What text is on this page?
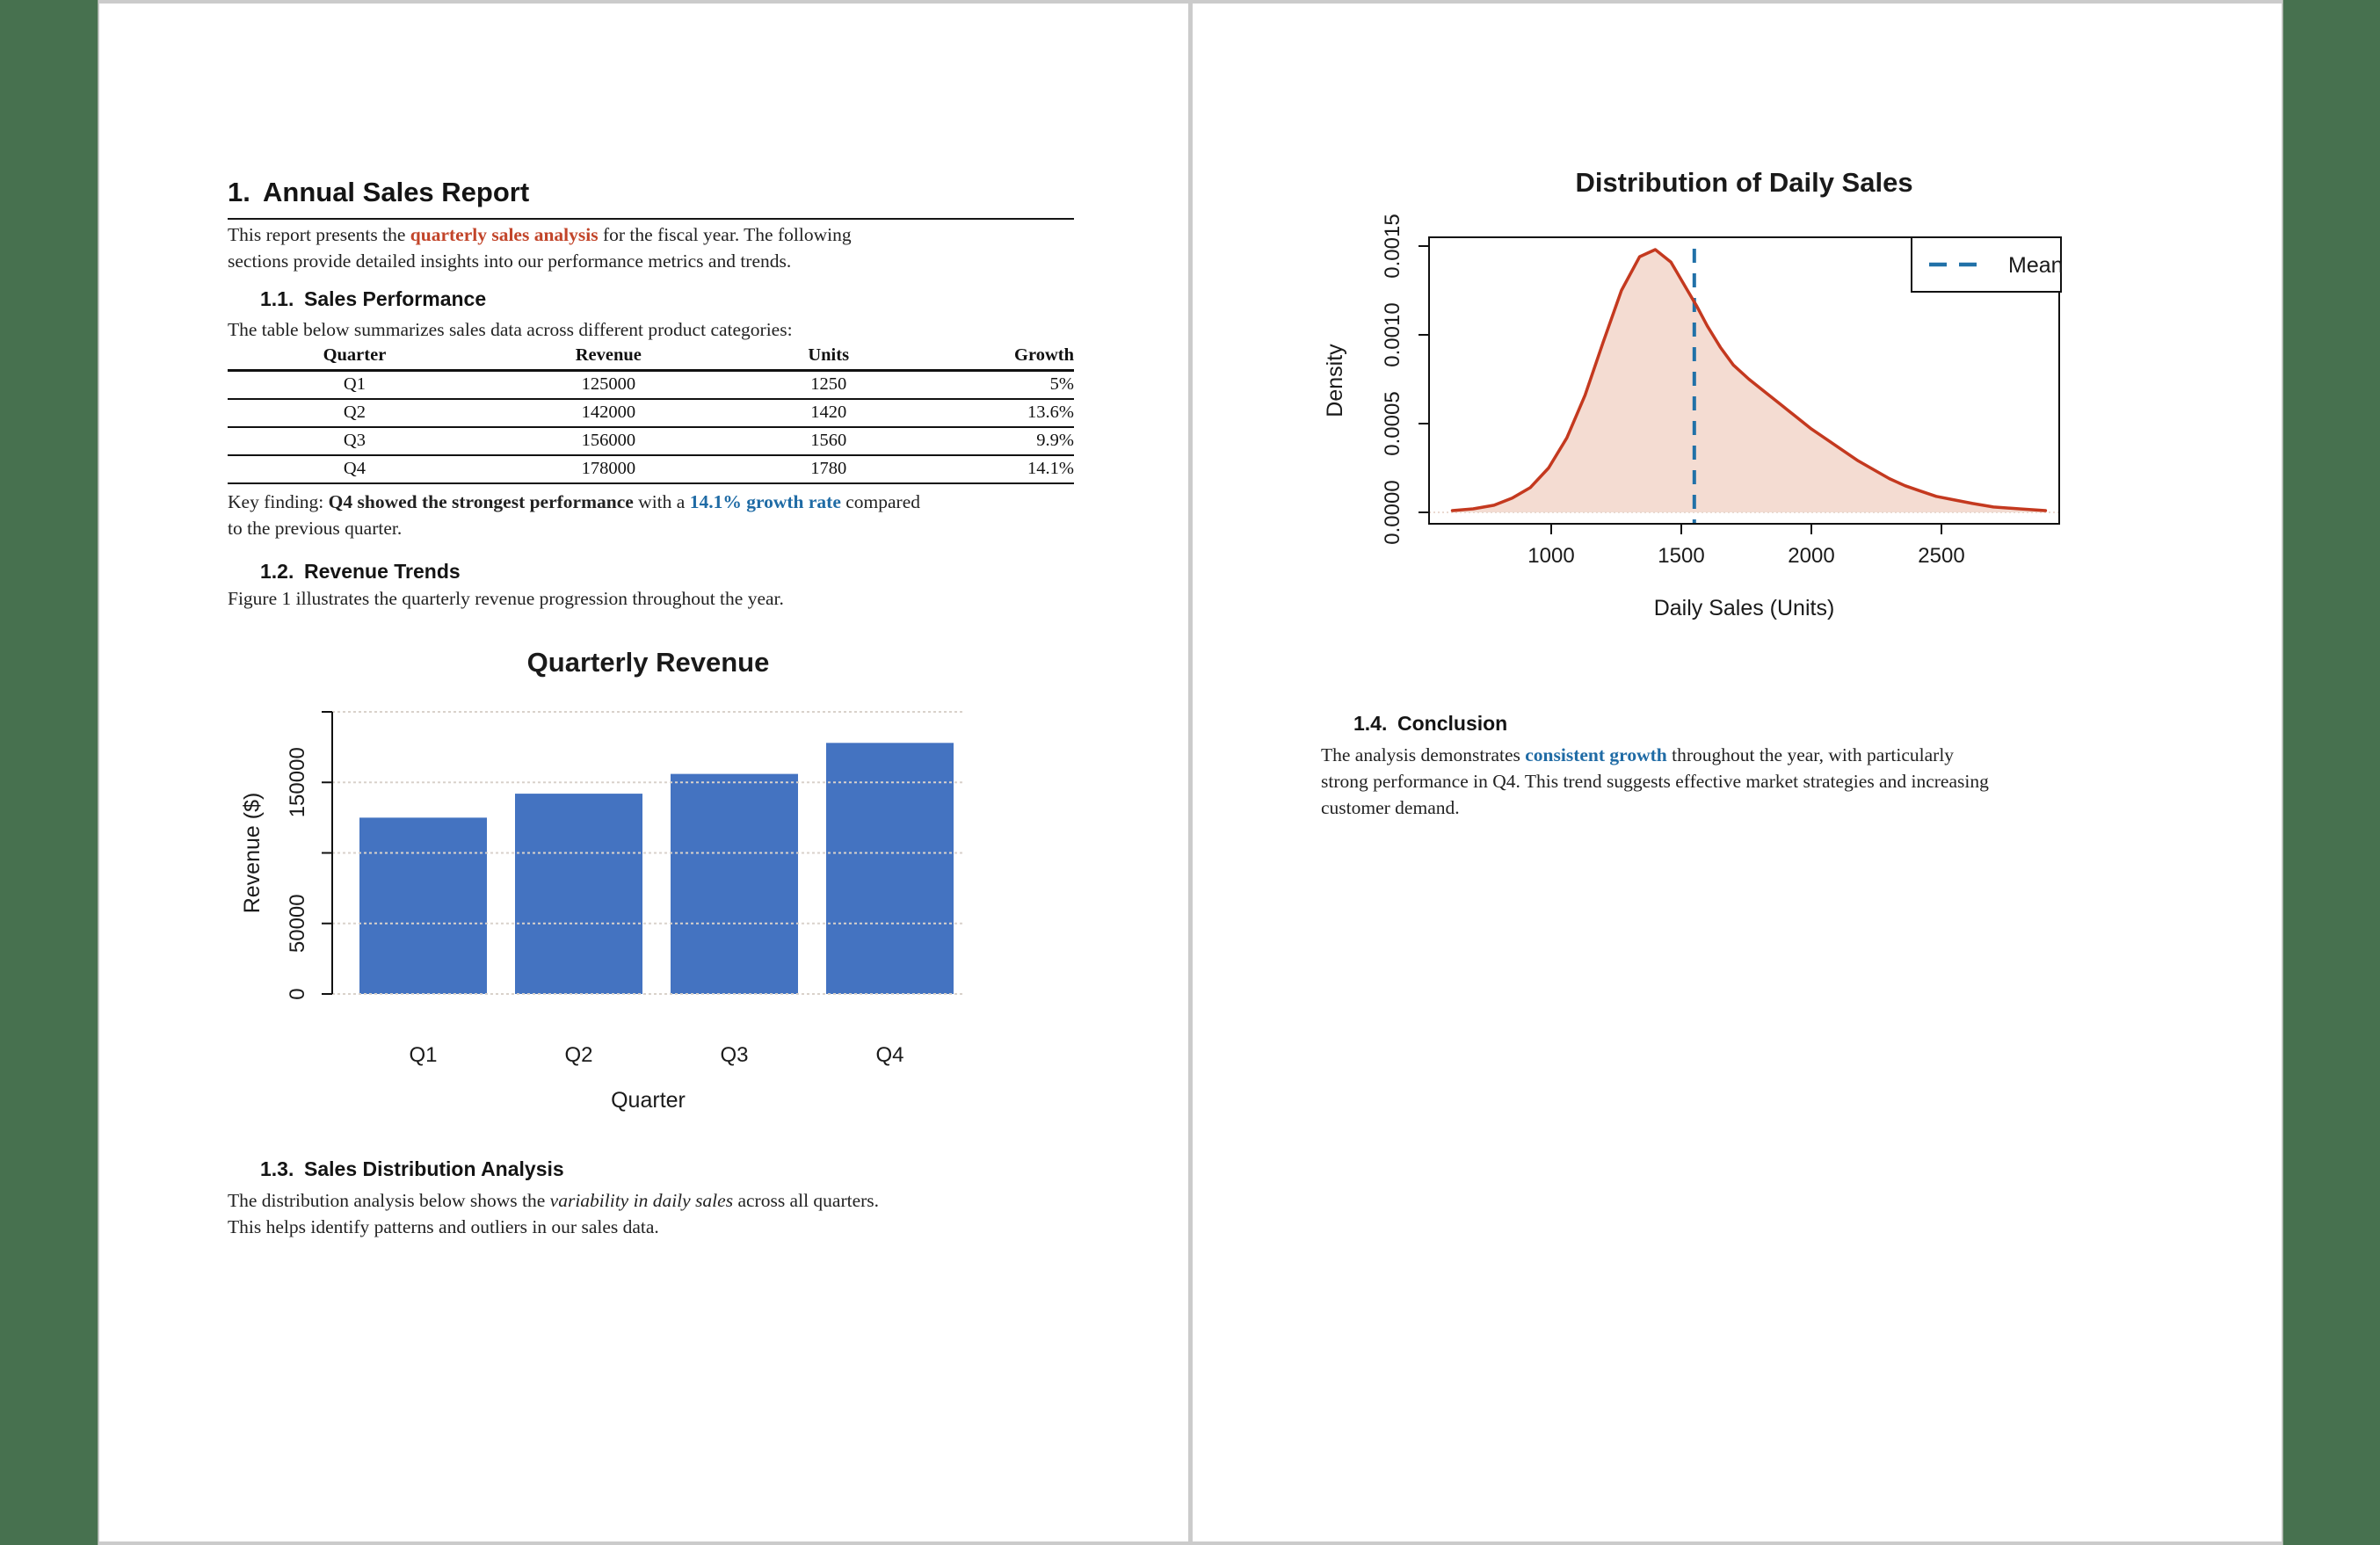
1. Annual Sales Report
This report presents the quarterly sales analysis for the fiscal year. The following
sections provide detailed insights into our performance metrics and trends.
1.1. Sales Performance
The table below summarizes sales data across different product categories:
Quarter	Revenue	Units	Growth
Q1	125000	1250	5%
Q2	142000	1420	13.6%
Q3	156000	1560	9.9%
Q4	178000	1780	14.1%
Key finding: Q4 showed the strongest performance with a 14.1% growth rate compared
to the previous quarter.
1.2. Revenue Trends
Figure 1 illustrates the quarterly revenue progression throughout the year.
0
50000
150000
Q1	Q2	Q3	Q4
Quarter
Revenue ($)
Quarterly Revenue
1.3. Sales Distribution Analysis
The distribution analysis below shows the variability in daily sales across all quarters.
This helps identify patterns and outliers in our sales data.
0.0000
0.0005
0.0010
0.0015
1000	1500	2000	2500
Daily Sales (Units)
Density
Distribution of Daily Sales
Mean
1.4. Conclusion
The analysis demonstrates consistent growth throughout the year, with particularly
strong performance in Q4. This trend suggests effective market strategies and increasing
customer demand.
